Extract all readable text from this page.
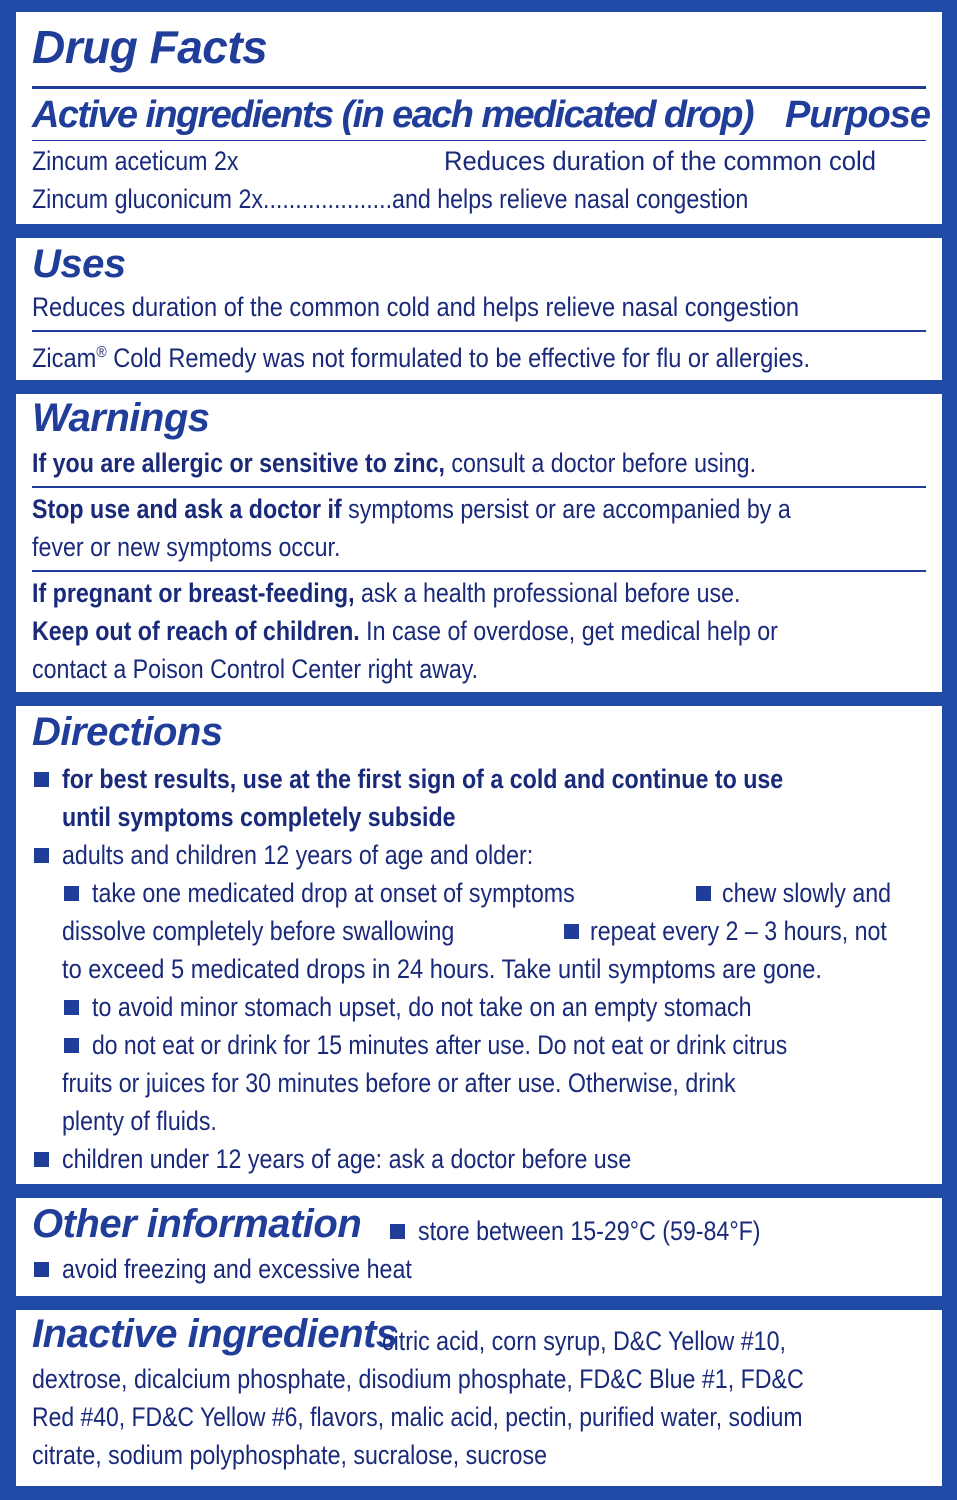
Drug Facts
Active ingredients (in each medicated drop) Purpose
Zincum aceticum 2x	Reduces duration of the common cold
Zincum gluconicum 2x....................and helps relieve nasal congestion
Uses
Reduces duration of the common cold and helps relieve nasal congestion
Zicam® Cold Remedy was not formulated to be effective for flu or allergies.
Warnings
If you are allergic or sensitive to zinc, consult a doctor before using.
Stop use and ask a doctor if symptoms persist or are accompanied by a
fever or new symptoms occur.
If pregnant or breast-feeding, ask a health professional before use.
Keep out of reach of children. In case of overdose, get medical help or
contact a Poison Control Center right away.
Directions
for best results, use at the first sign of a cold and continue to use
until symptoms completely subside
adults and children 12 years of age and older:
take one medicated drop at onset of symptoms	chew slowly and
dissolve completely before swallowing	repeat every 2 – 3 hours, not
to exceed 5 medicated drops in 24 hours. Take until symptoms are gone.
to avoid minor stomach upset, do not take on an empty stomach
do not eat or drink for 15 minutes after use. Do not eat or drink citrus
fruits or juices for 30 minutes before or after use. Otherwise, drink
plenty of fluids.
children under 12 years of age: ask a doctor before use
Other information store between 15-29°C (59-84°F)
avoid freezing and excessive heat
Inactive ingredients
citric acid, corn syrup, D&C Yellow #10,
dextrose, dicalcium phosphate, disodium phosphate, FD&C Blue #1, FD&C
Red #40, FD&C Yellow #6, flavors, malic acid, pectin, purified water, sodium
citrate, sodium polyphosphate, sucralose, sucrose
